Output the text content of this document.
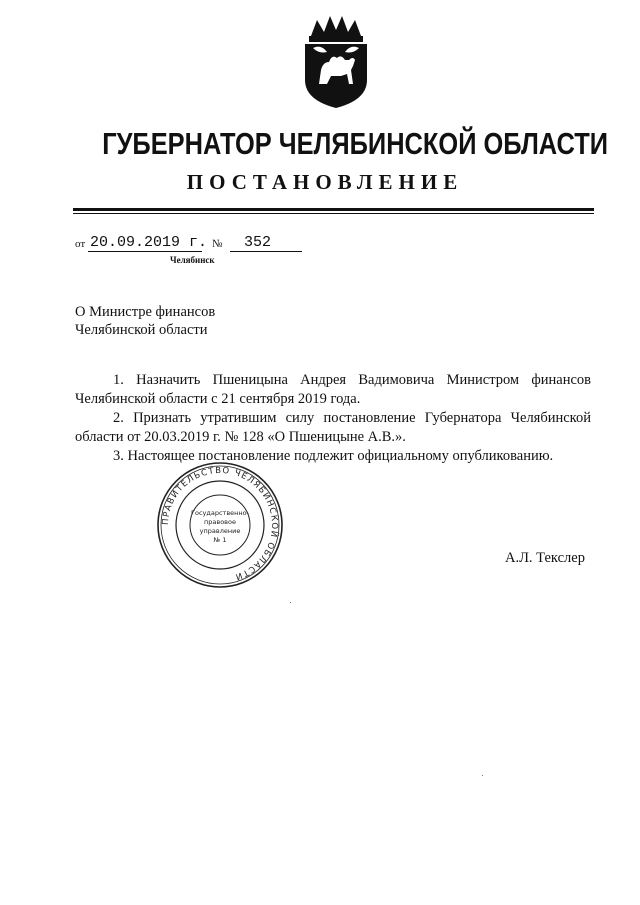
ГУБЕРНАТОР ЧЕЛЯБИНСКОЙ ОБЛАСТИ
ПОСТАНОВЛЕНИЕ
от 20.09.2019 г. №	352
Челябинск
О Министре финансов
Челябинской области

1. Назначить Пшеницына Андрея Вадимовича Министром финансов Челябинской области с 21 сентября 2019 года.

2. Признать утратившим силу постановление Губернатора Челябинской области от 20.03.2019 г. № 128 «О Пшеницыне А.В.».

3. Настоящее постановление подлежит официальному опубликованию.

ПРАВИТЕЛЬСТВО ЧЕЛЯБИНСКОЙ ОБЛАСТИ
Государственно-
правовое
управление
№ 1
А.Л. Текслер
